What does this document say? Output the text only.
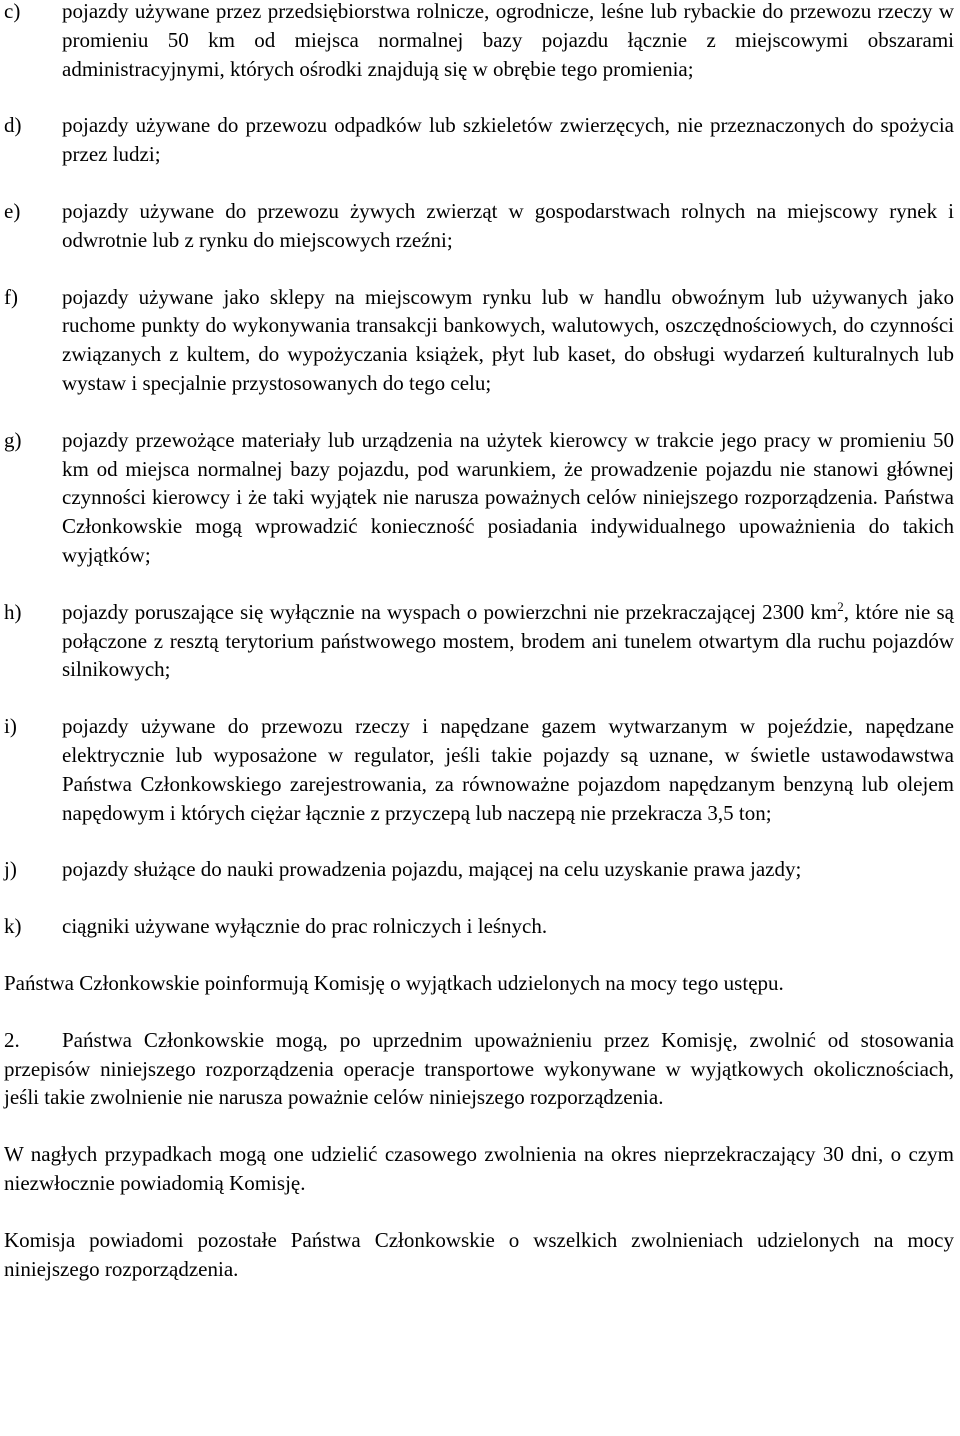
c) pojazdy używane przez przedsiębiorstwa rolnicze, ogrodnicze, leśne lub rybackie do przewozu rzeczy w promieniu 50 km od miejsca normalnej bazy pojazdu łącznie z miejscowymi obszarami administracyjnymi, których ośrodki znajdują się w obrębie tego promienia;
d) pojazdy używane do przewozu odpadków lub szkieletów zwierzęcych, nie przeznaczonych do spożycia przez ludzi;
e) pojazdy używane do przewozu żywych zwierząt w gospodarstwach rolnych na miejscowy rynek i odwrotnie lub z rynku do miejscowych rzeźni;
f) pojazdy używane jako sklepy na miejscowym rynku lub w handlu obwoźnym lub używanych jako ruchome punkty do wykonywania transakcji bankowych, walutowych, oszczędnościowych, do czynności związanych z kultem, do wypożyczania książek, płyt lub kaset, do obsługi wydarzeń kulturalnych lub wystaw i specjalnie przystosowanych do tego celu;
g) pojazdy przewożące materiały lub urządzenia na użytek kierowcy w trakcie jego pracy w promieniu 50 km od miejsca normalnej bazy pojazdu, pod warunkiem, że prowadzenie pojazdu nie stanowi głównej czynności kierowcy i że taki wyjątek nie narusza poważnych celów niniejszego rozporządzenia. Państwa Członkowskie mogą wprowadzić konieczność posiadania indywidualnego upoważnienia do takich wyjątków;
h) pojazdy poruszające się wyłącznie na wyspach o powierzchni nie przekraczającej 2300 $km^2$, które nie są połączone z resztą terytorium państwowego mostem, brodem ani tunelem otwartym dla ruchu pojazdów silnikowych;
i) pojazdy używane do przewozu rzeczy i napędzane gazem wytwarzanym w pojeździe, napędzane elektrycznie lub wyposażone w regulator, jeśli takie pojazdy są uznane, w świetle ustawodawstwa Państwa Członkowskiego zarejestrowania, za równoważne pojazdom napędzanym benzyną lub olejem napędowym i których ciężar łącznie z przyczepą lub naczepą nie przekracza 3,5 ton;
j) pojazdy służące do nauki prowadzenia pojazdu, mającej na celu uzyskanie prawa jazdy;
k) ciągniki używane wyłącznie do prac rolniczych i leśnych.

Państwa Członkowskie poinformują Komisję o wyjątkach udzielonych na mocy tego ustępu.

2. Państwa Członkowskie mogą, po uprzednim upoważnieniu przez Komisję, zwolnić od stosowania przepisów niniejszego rozporządzenia operacje transportowe wykonywane w wyjątkowych okolicznościach, jeśli takie zwolnienie nie narusza poważnie celów niniejszego rozporządzenia.

W nagłych przypadkach mogą one udzielić czasowego zwolnienia na okres nieprzekraczający 30 dni, o czym niezwłocznie powiadomią Komisję.

Komisja powiadomi pozostałe Państwa Członkowskie o wszelkich zwolnieniach udzielonych na mocy niniejszego rozporządzenia.
